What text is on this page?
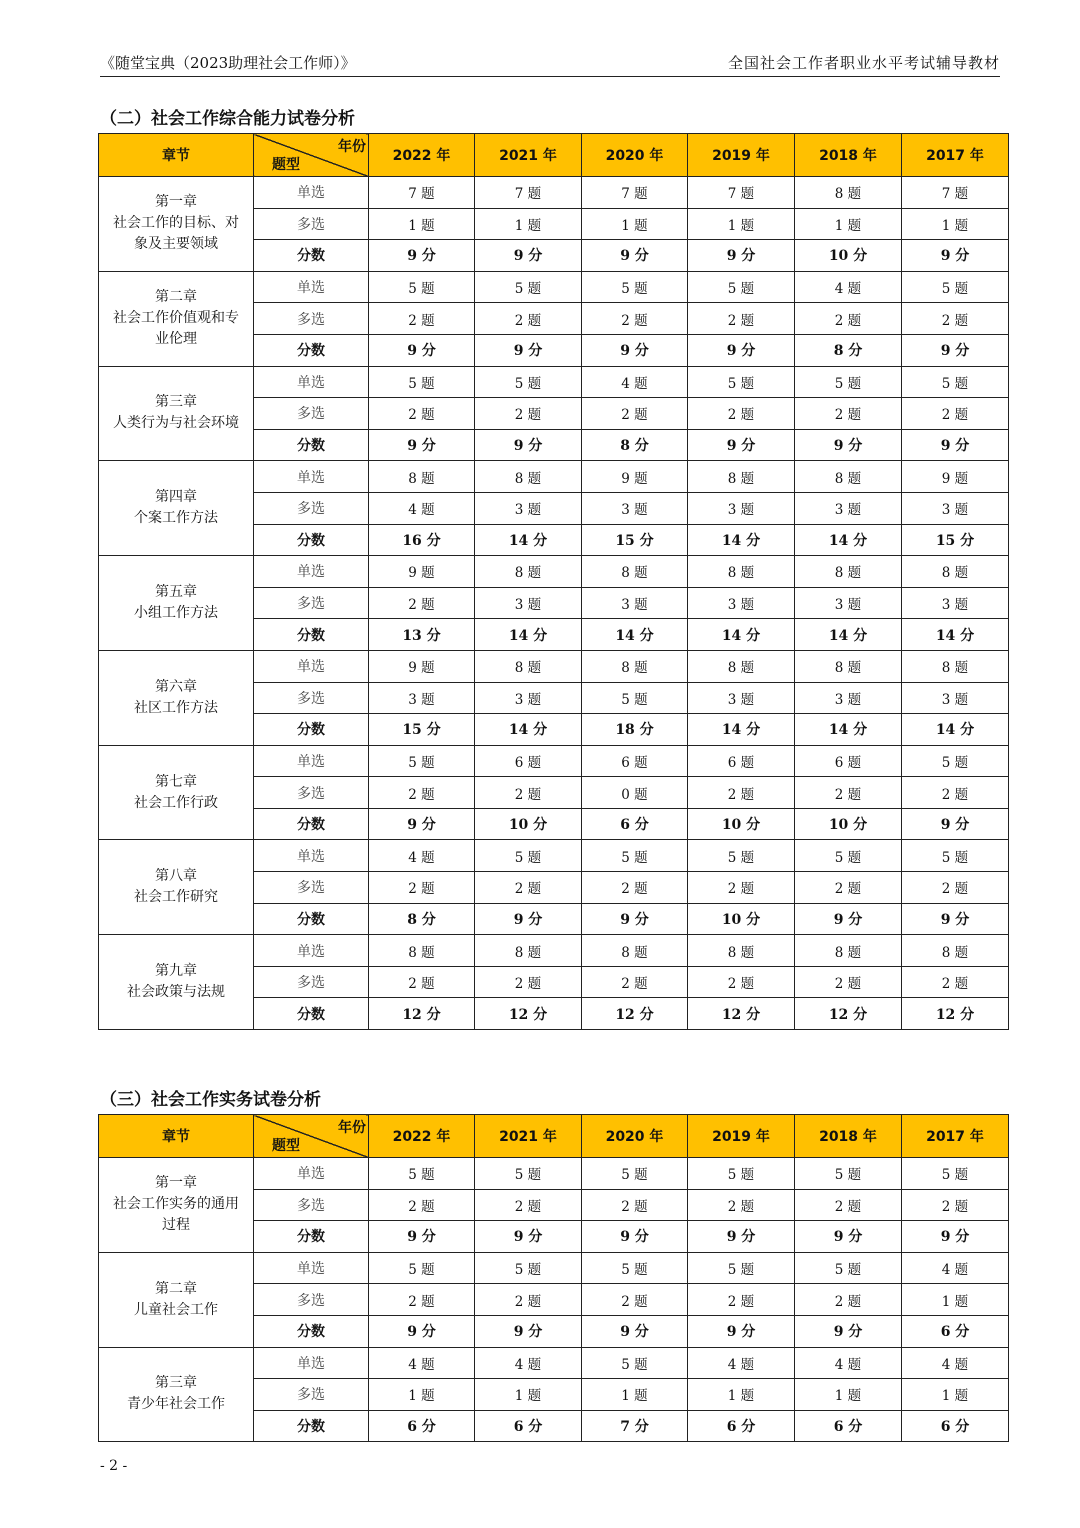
《随堂宝典（2023助理社会工作师）》	全国社会工作者职业水平考试辅导教材
（二）社会工作综合能力试卷分析
章节	年份
题型	2022 年	2021 年	2020 年	2019 年	2018 年	2017 年

第一章
社会工作的目标、对
象及主要领域	单选	7 题	7 题	7 题	7 题	8 题	7 题
	多选	1 题	1 题	1 题	1 题	1 题	1 题
	分数	9 分	9 分	9 分	9 分	10 分	9 分

第二章
社会工作价值观和专
业伦理	单选	5 题	5 题	5 题	5 题	4 题	5 题
	多选	2 题	2 题	2 题	2 题	2 题	2 题
	分数	9 分	9 分	9 分	9 分	8 分	9 分

第三章
人类行为与社会环境	单选	5 题	5 题	4 题	5 题	5 题	5 题
	多选	2 题	2 题	2 题	2 题	2 题	2 题
	分数	9 分	9 分	8 分	9 分	9 分	9 分

第四章
个案工作方法	单选	8 题	8 题	9 题	8 题	8 题	9 题
	多选	4 题	3 题	3 题	3 题	3 题	3 题
	分数	16 分	14 分	15 分	14 分	14 分	15 分

第五章
小组工作方法	单选	9 题	8 题	8 题	8 题	8 题	8 题
	多选	2 题	3 题	3 题	3 题	3 题	3 题
	分数	13 分	14 分	14 分	14 分	14 分	14 分

第六章
社区工作方法	单选	9 题	8 题	8 题	8 题	8 题	8 题
	多选	3 题	3 题	5 题	3 题	3 题	3 题
	分数	15 分	14 分	18 分	14 分	14 分	14 分

第七章
社会工作行政	单选	5 题	6 题	6 题	6 题	6 题	5 题
	多选	2 题	2 题	0 题	2 题	2 题	2 题
	分数	9 分	10 分	6 分	10 分	10 分	9 分

第八章
社会工作研究	单选	4 题	5 题	5 题	5 题	5 题	5 题
	多选	2 题	2 题	2 题	2 题	2 题	2 题
	分数	8 分	9 分	9 分	10 分	9 分	9 分

第九章
社会政策与法规	单选	8 题	8 题	8 题	8 题	8 题	8 题
	多选	2 题	2 题	2 题	2 题	2 题	2 题
	分数	12 分	12 分	12 分	12 分	12 分	12 分
（三）社会工作实务试卷分析
章节	年份
题型	2022 年	2021 年	2020 年	2019 年	2018 年	2017 年

第一章
社会工作实务的通用
过程	单选	5 题	5 题	5 题	5 题	5 题	5 题
	多选	2 题	2 题	2 题	2 题	2 题	2 题
	分数	9 分	9 分	9 分	9 分	9 分	9 分

第二章
儿童社会工作	单选	5 题	5 题	5 题	5 题	5 题	4 题
	多选	2 题	2 题	2 题	2 题	2 题	1 题
	分数	9 分	9 分	9 分	9 分	9 分	6 分

第三章
青少年社会工作	单选	4 题	4 题	5 题	4 题	4 题	4 题
	多选	1 题	1 题	1 题	1 题	1 题	1 题
	分数	6 分	6 分	7 分	6 分	6 分	6 分
- 2 -
